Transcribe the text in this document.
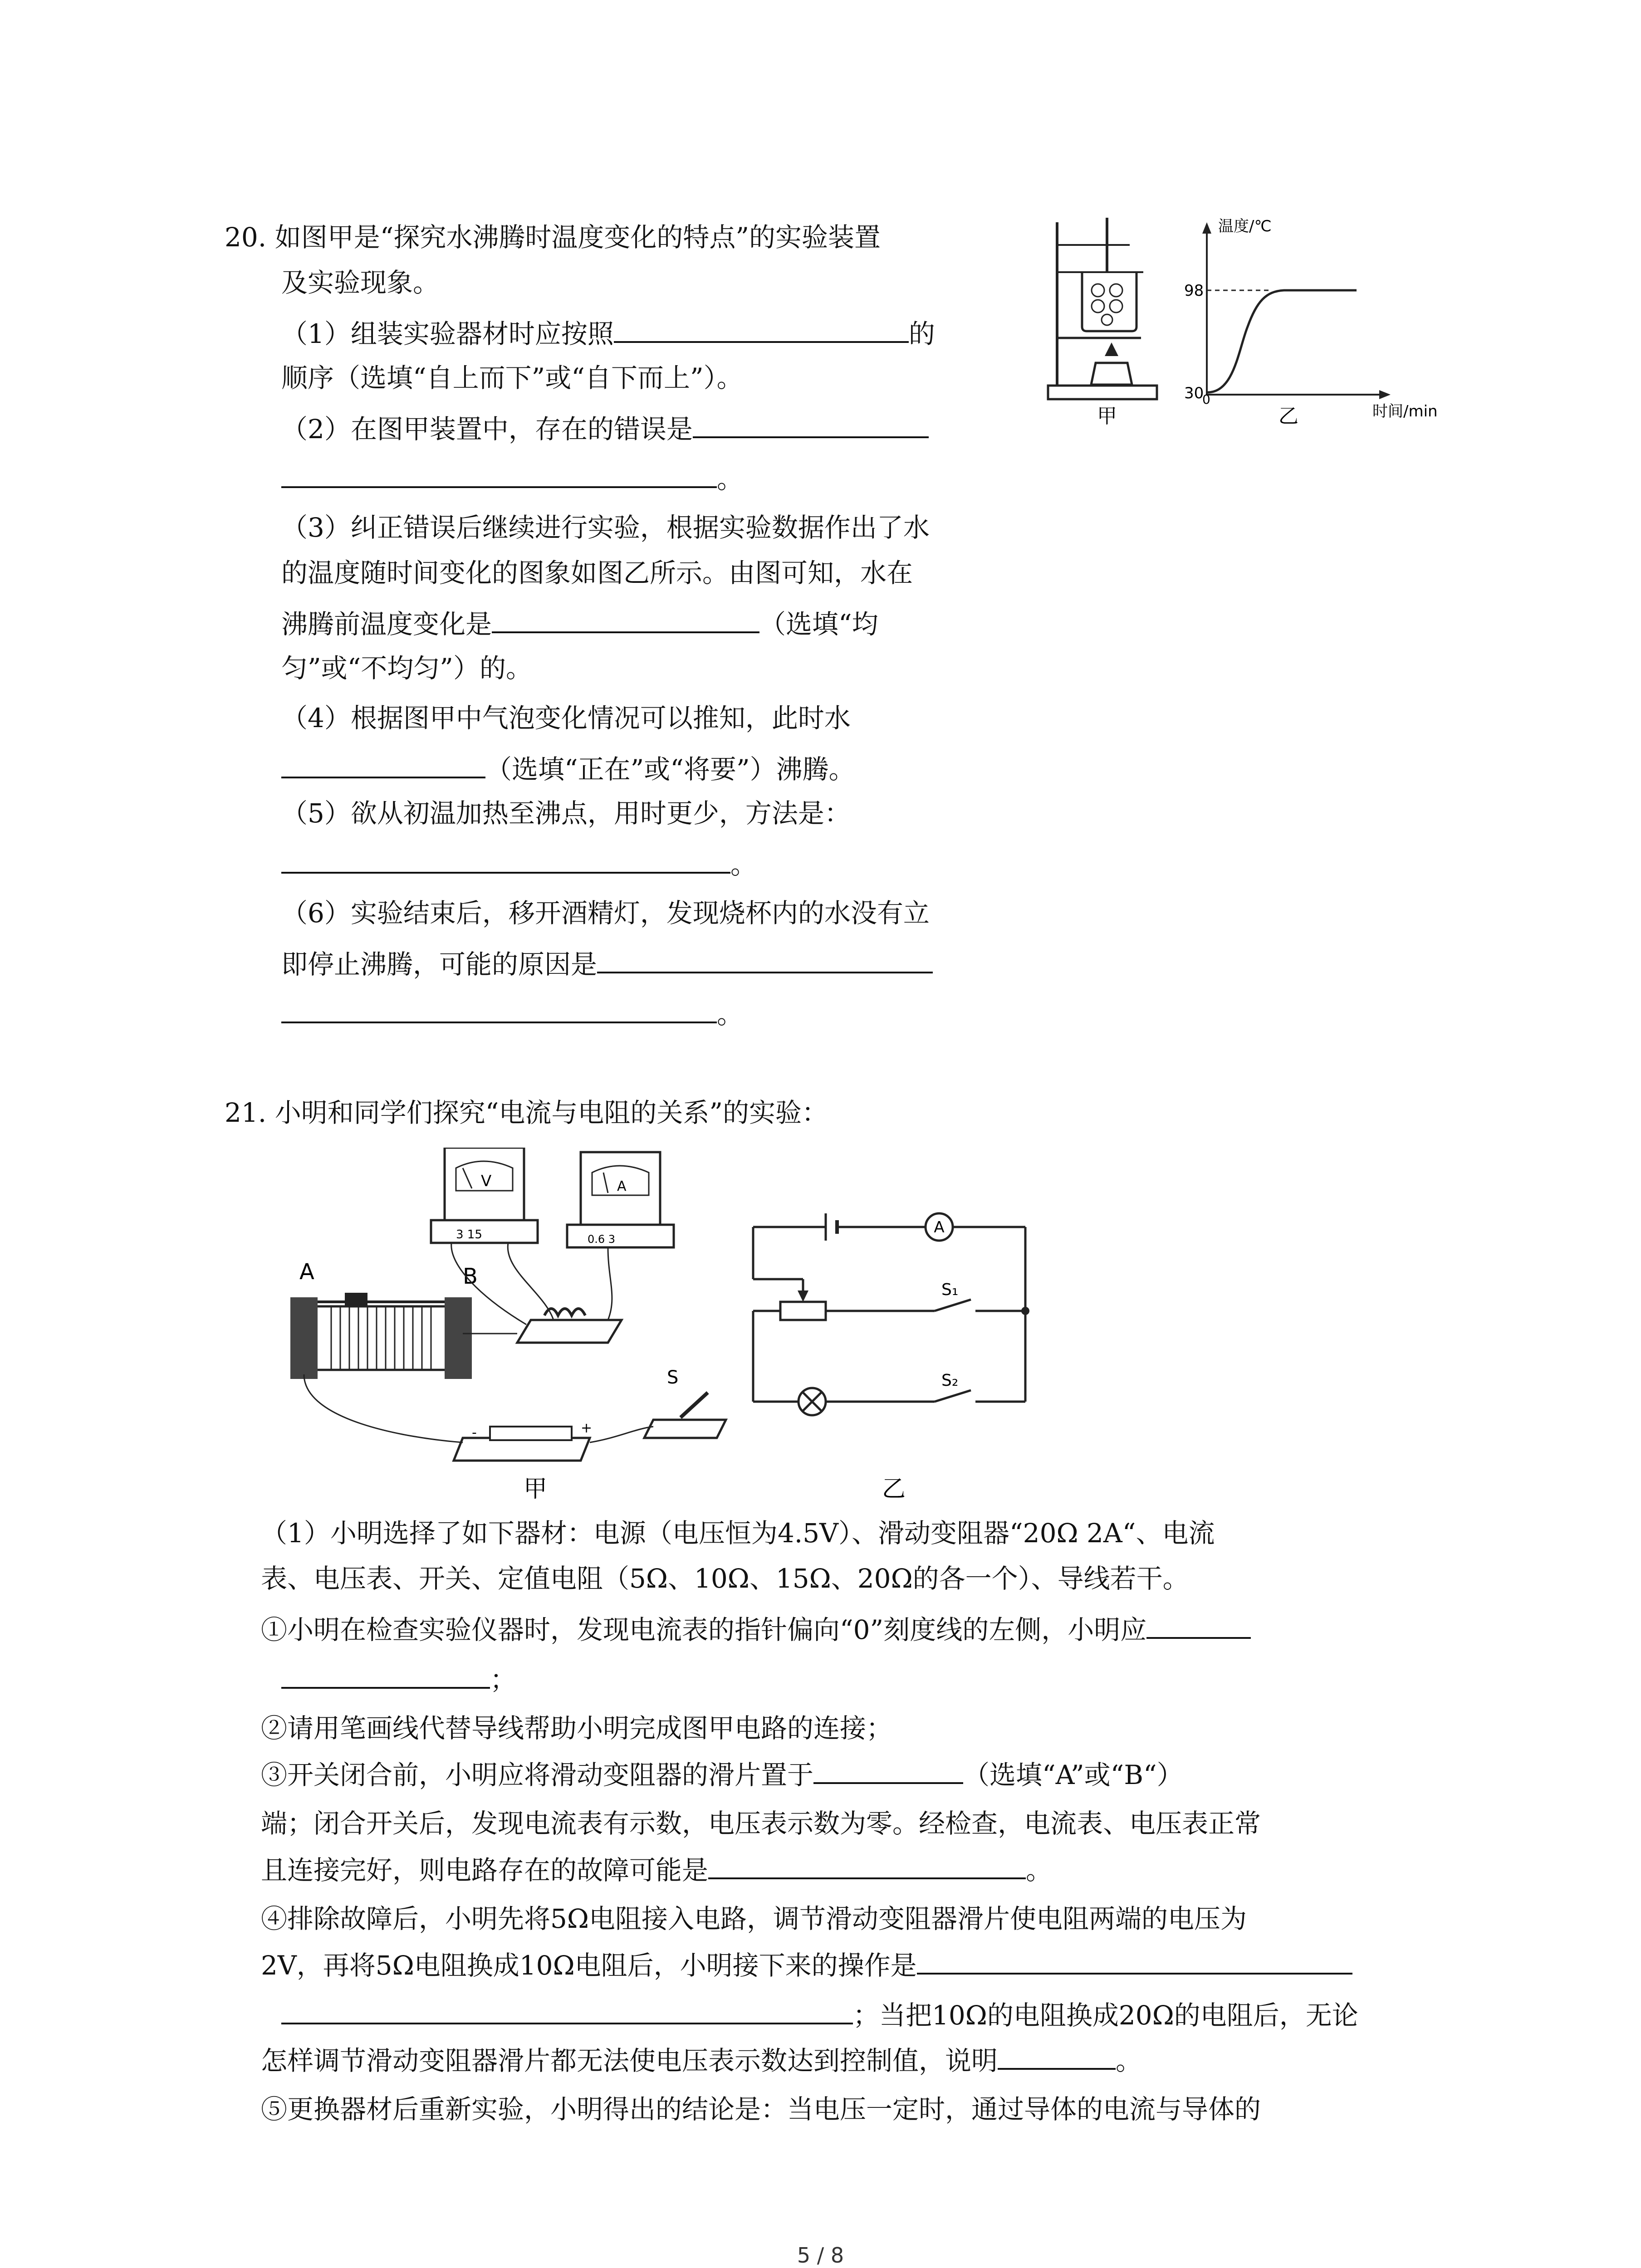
20. 如图甲是“探究水沸腾时温度变化的特点”的实验装置
及实验现象。
（1）组装实验器材时应按照	的
顺序（选填“自上而下”或“自下而上”）。
（2）在图甲装置中，存在的错误是
。
（3）纠正错误后继续进行实验，根据实验数据作出了水
的温度随时间变化的图象如图乙所示。由图可知，水在
沸腾前温度变化是	（选填“均
匀”或“不均匀”）的。
（4）根据图甲中气泡变化情况可以推知，此时水
（选填“正在”或“将要”）沸腾。
（5）欲从初温加热至沸点，用时更少，方法是：
。
（6）实验结束后，移开酒精灯，发现烧杯内的水没有立
即停止沸腾，可能的原因是
。
甲
温度/℃
98
30
0
时间/min
乙
21. 小明和同学们探究“电流与电阻的关系”的实验：
V
3 15
A
0.6 3
A	B
-	+
S
甲
A
S₁
S₂
乙
（1）小明选择了如下器材：电源（电压恒为4.5V）、滑动变阻器“20Ω 2A“、电流
表、电压表、开关、定值电阻（5Ω、10Ω、15Ω、20Ω的各一个）、导线若干。
①小明在检查实验仪器时，发现电流表的指针偏向“0”刻度线的左侧，小明应
；
②请用笔画线代替导线帮助小明完成图甲电路的连接；
③开关闭合前，小明应将滑动变阻器的滑片置于	（选填“A”或“B“）
端；闭合开关后，发现电流表有示数，电压表示数为零。经检查，电流表、电压表正常
且连接完好，则电路存在的故障可能是	。
④排除故障后，小明先将5Ω电阻接入电路，调节滑动变阻器滑片使电阻两端的电压为
2V，再将5Ω电阻换成10Ω电阻后，小明接下来的操作是
；当把10Ω的电阻换成20Ω的电阻后，无论
怎样调节滑动变阻器滑片都无法使电压表示数达到控制值，说明	。
⑤更换器材后重新实验，小明得出的结论是：当电压一定时，通过导体的电流与导体的
5 / 8
